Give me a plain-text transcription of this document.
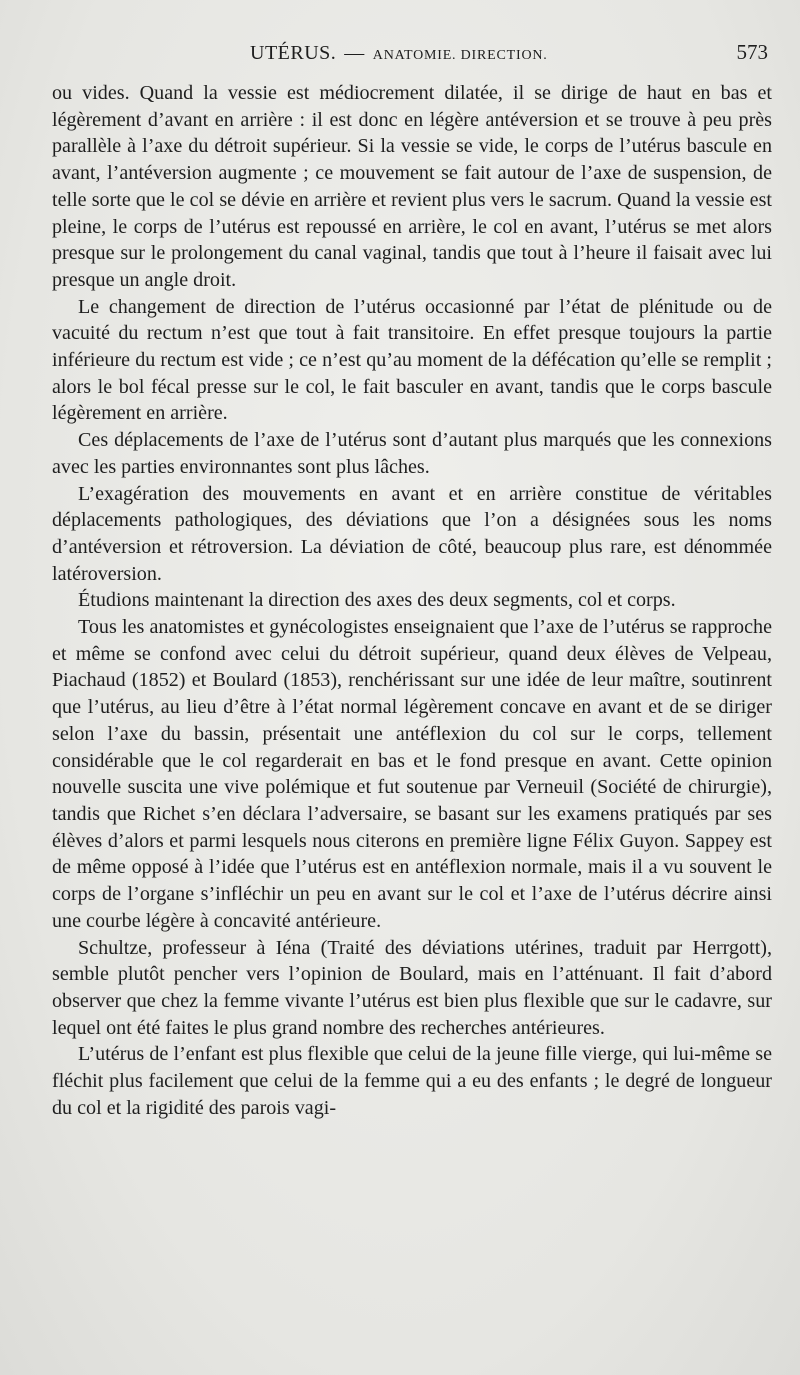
UTÉRUS. — ANATOMIE. DIRECTION.	573

ou vides. Quand la vessie est médiocrement dilatée, il se dirige de haut en bas et légèrement d’avant en arrière : il est donc en légère antéversion et se trouve à peu près parallèle à l’axe du détroit supérieur. Si la vessie se vide, le corps de l’utérus bascule en avant, l’antéversion augmente ; ce mouvement se fait autour de l’axe de suspension, de telle sorte que le col se dévie en arrière et revient plus vers le sacrum. Quand la vessie est pleine, le corps de l’utérus est repoussé en arrière, le col en avant, l’utérus se met alors presque sur le prolongement du canal vaginal, tandis que tout à l’heure il faisait avec lui presque un angle droit.

Le changement de direction de l’utérus occasionné par l’état de plénitude ou de vacuité du rectum n’est que tout à fait transitoire. En effet presque toujours la partie inférieure du rectum est vide ; ce n’est qu’au moment de la défécation qu’elle se remplit ; alors le bol fécal presse sur le col, le fait basculer en avant, tandis que le corps bascule légèrement en arrière.

Ces déplacements de l’axe de l’utérus sont d’autant plus marqués que les connexions avec les parties environnantes sont plus lâches.

L’exagération des mouvements en avant et en arrière constitue de véritables déplacements pathologiques, des déviations que l’on a désignées sous les noms d’antéversion et rétroversion. La déviation de côté, beaucoup plus rare, est dénommée latéroversion.

Étudions maintenant la direction des axes des deux segments, col et corps.

Tous les anatomistes et gynécologistes enseignaient que l’axe de l’utérus se rapproche et même se confond avec celui du détroit supérieur, quand deux élèves de Velpeau, Piachaud (1852) et Boulard (1853), renchérissant sur une idée de leur maître, soutinrent que l’utérus, au lieu d’être à l’état normal légèrement concave en avant et de se diriger selon l’axe du bassin, présentait une antéflexion du col sur le corps, tellement considérable que le col regarderait en bas et le fond presque en avant. Cette opinion nouvelle suscita une vive polémique et fut soutenue par Verneuil (Société de chirurgie), tandis que Richet s’en déclara l’adversaire, se basant sur les examens pratiqués par ses élèves d’alors et parmi lesquels nous citerons en première ligne Félix Guyon. Sappey est de même opposé à l’idée que l’utérus est en antéflexion normale, mais il a vu souvent le corps de l’organe s’infléchir un peu en avant sur le col et l’axe de l’utérus décrire ainsi une courbe légère à concavité antérieure.

Schultze, professeur à Iéna (Traité des déviations utérines, traduit par Herrgott), semble plutôt pencher vers l’opinion de Boulard, mais en l’atténuant. Il fait d’abord observer que chez la femme vivante l’utérus est bien plus flexible que sur le cadavre, sur lequel ont été faites le plus grand nombre des recherches antérieures.

L’utérus de l’enfant est plus flexible que celui de la jeune fille vierge, qui lui-même se fléchit plus facilement que celui de la femme qui a eu des enfants ; le degré de longueur du col et la rigidité des parois vagi-
